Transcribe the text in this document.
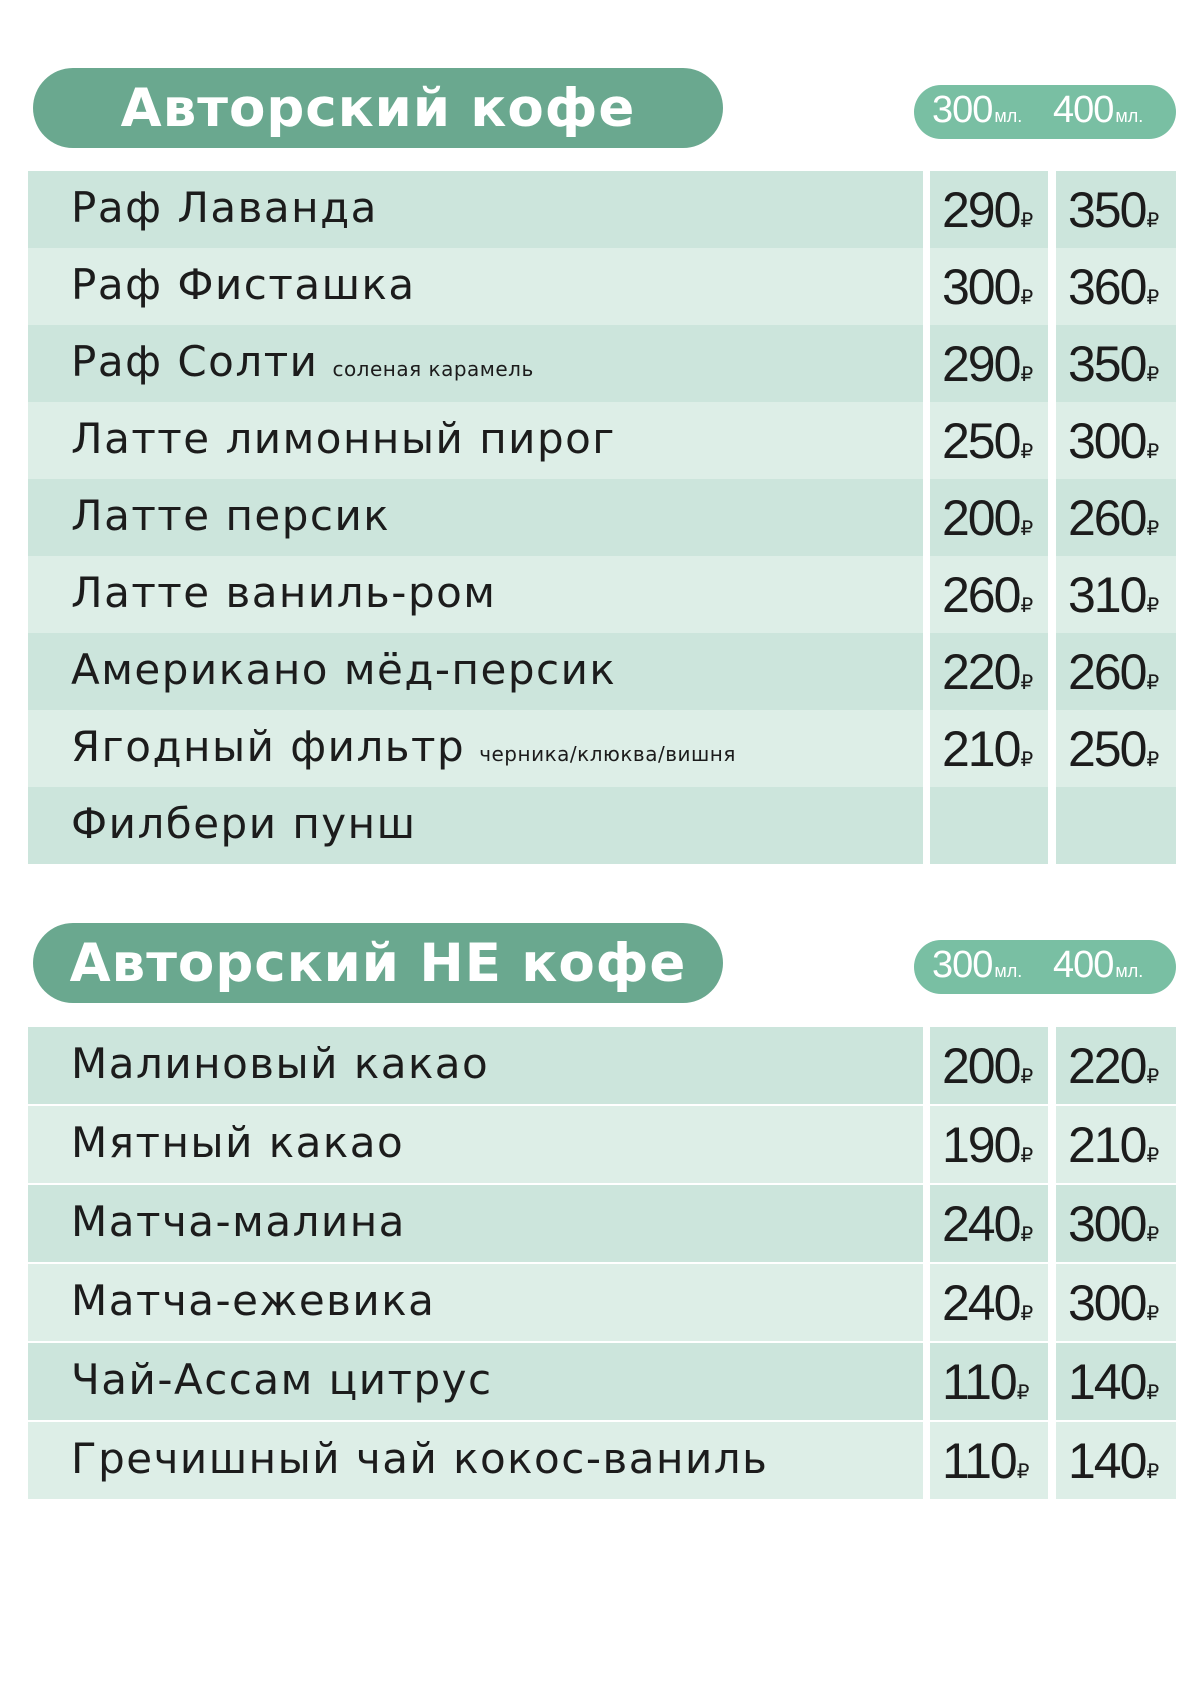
Авторский кофе	300 мл. 400 мл.
Раф Лаванда	290₽ 350₽
Раф Фисташка	300₽ 360₽
Раф Солти соленая карамель	290₽ 350₽
Латте лимонный пирог	250₽ 300₽
Латте персик	200₽ 260₽
Латте ваниль-ром	260₽ 310₽
Американо мёд-персик	220₽ 260₽
Ягодный фильтр черника/клюква/вишня	210₽ 250₽
Филбери пунш
Авторский НЕ кофе	300 мл. 400 мл.
Малиновый какао	200₽ 220₽
Мятный какао	190₽ 210₽
Матча-малина	240₽ 300₽
Матча-ежевика	240₽ 300₽
Чай-Ассам цитрус	110₽ 140₽
Гречишный чай кокос-ваниль	110₽ 140₽
